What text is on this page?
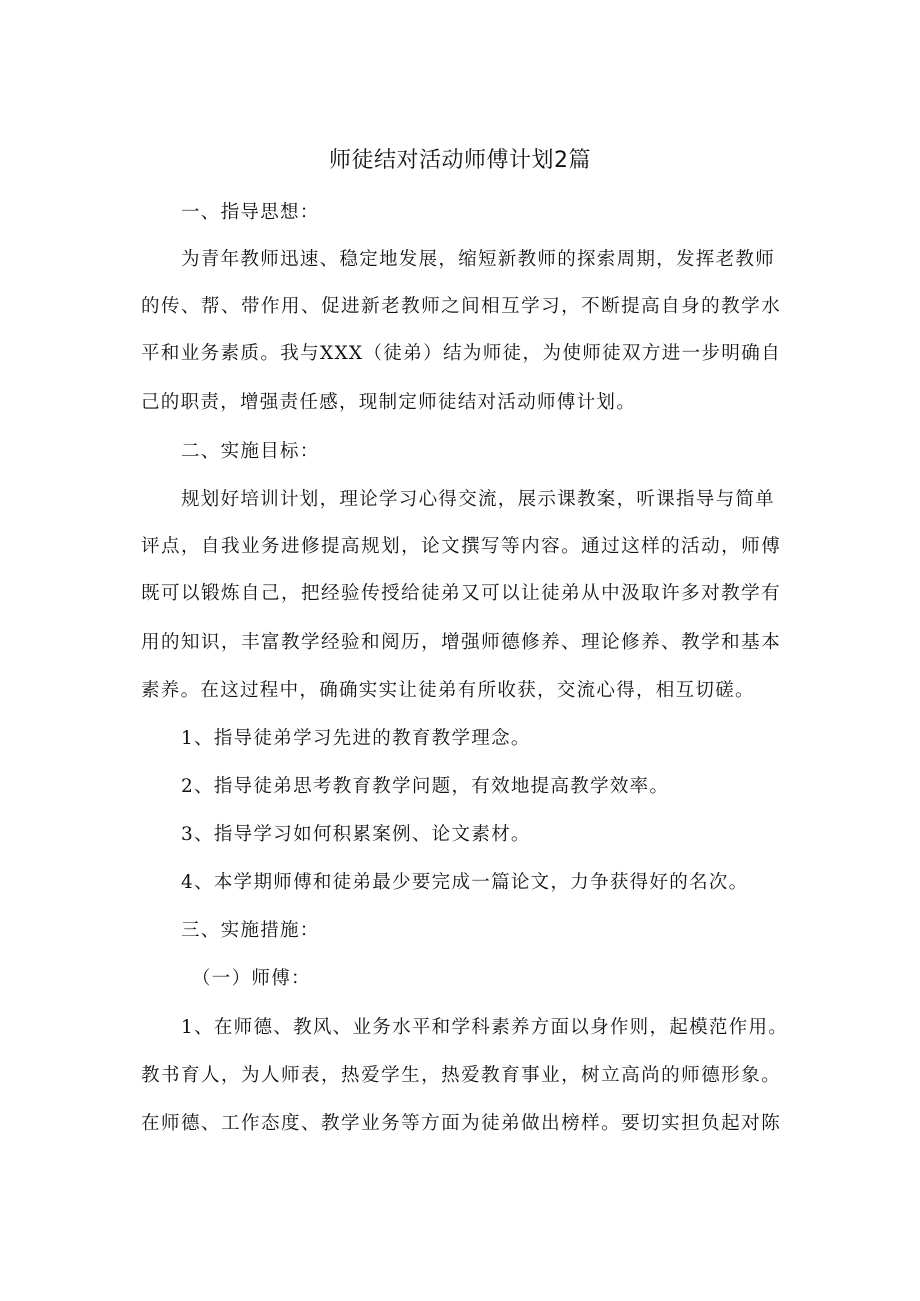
师徒结对活动师傅计划2篇
一、指导思想：
为青年教师迅速、稳定地发展，缩短新教师的探索周期，发挥老教师
的传、帮、带作用、促进新老教师之间相互学习，不断提高自身的教学水
平和业务素质。我与XXX（徒弟）结为师徒，为使师徒双方进一步明确自
己的职责，增强责任感，现制定师徒结对活动师傅计划。
二、实施目标：
规划好培训计划，理论学习心得交流，展示课教案，听课指导与简单
评点，自我业务进修提高规划，论文撰写等内容。通过这样的活动，师傅
既可以锻炼自己，把经验传授给徒弟又可以让徒弟从中汲取许多对教学有
用的知识，丰富教学经验和阅历，增强师德修养、理论修养、教学和基本
素养。在这过程中，确确实实让徒弟有所收获，交流心得，相互切磋。
1、指导徒弟学习先进的教育教学理念。
2、指导徒弟思考教育教学问题，有效地提高教学效率。
3、指导学习如何积累案例、论文素材。
4、本学期师傅和徒弟最少要完成一篇论文，力争获得好的名次。
三、实施措施：
（一）师傅：
1、在师德、教风、业务水平和学科素养方面以身作则，起模范作用。
教书育人，为人师表，热爱学生，热爱教育事业，树立高尚的师德形象。
在师德、工作态度、教学业务等方面为徒弟做出榜样。要切实担负起对陈
